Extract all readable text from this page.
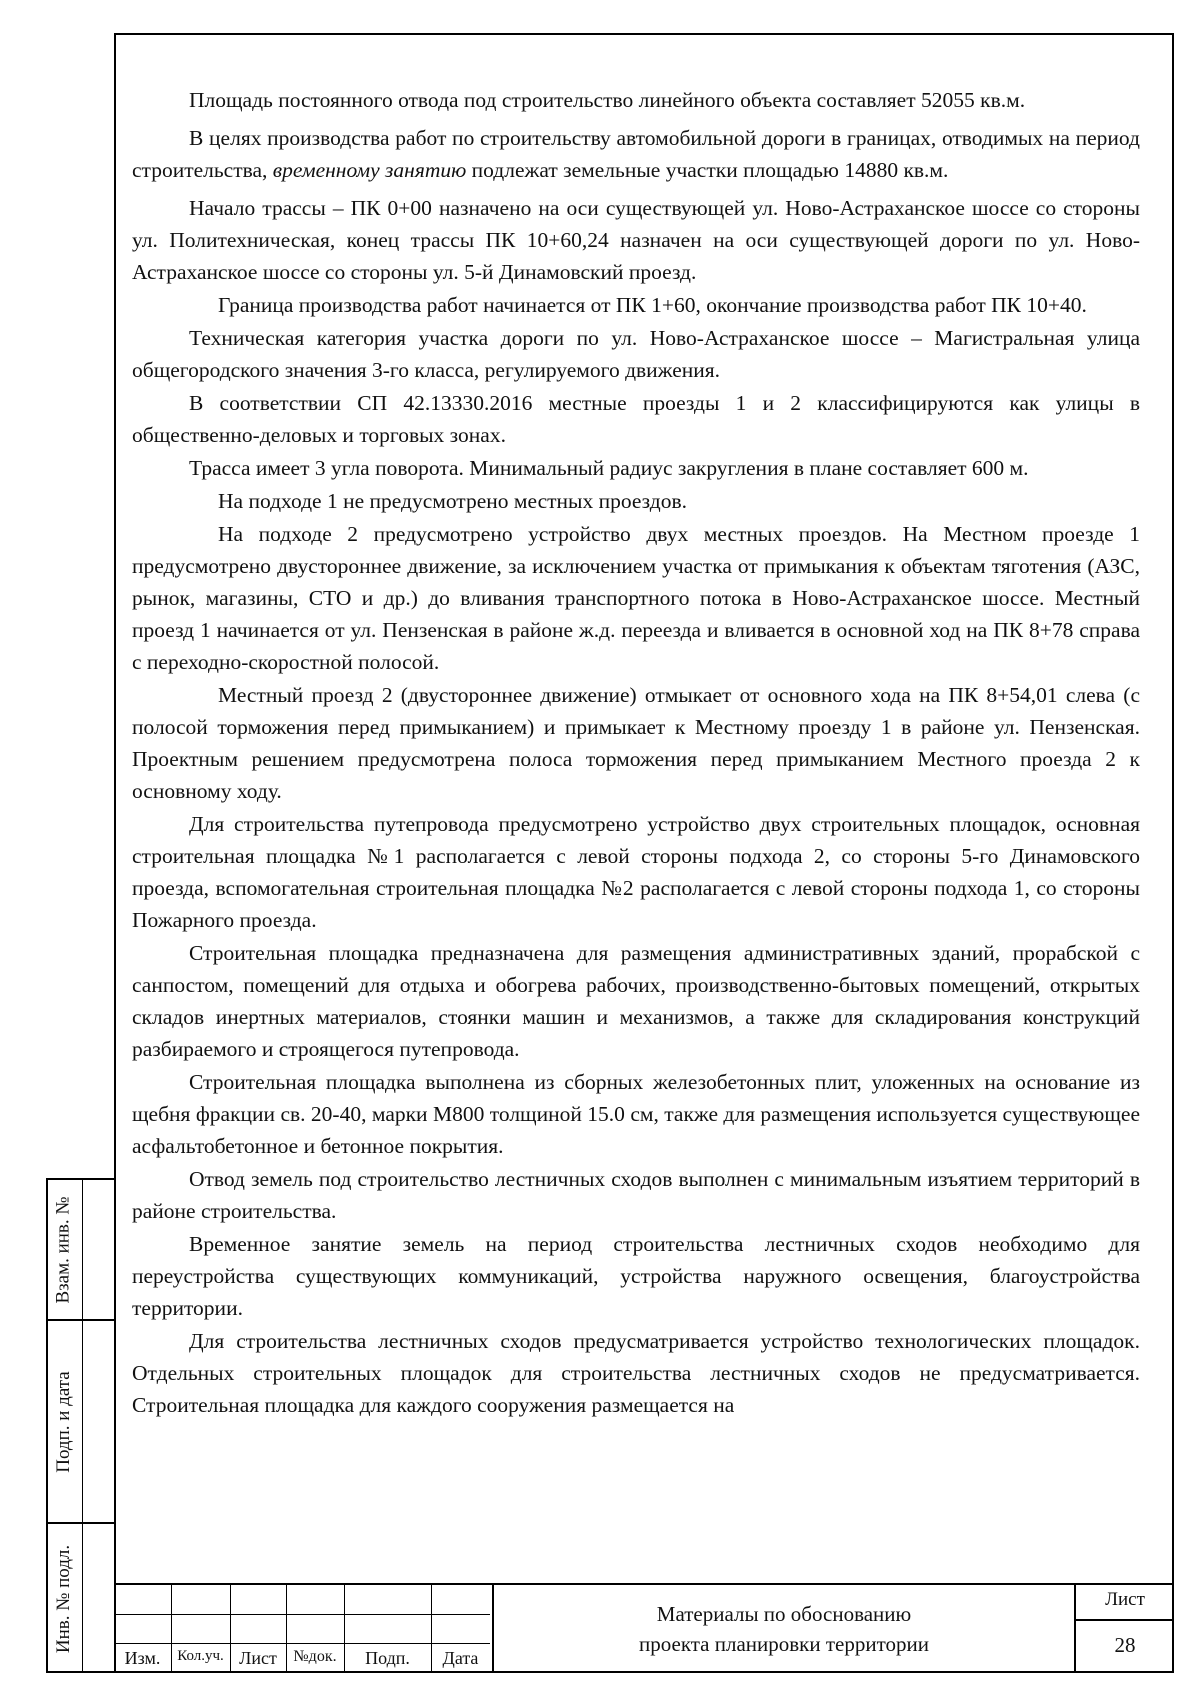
Площадь постоянного отвода под строительство линейного объекта составляет 52055 кв.м.

В целях производства работ по строительству автомобильной дороги в границах, отводимых на период строительства, временному занятию подлежат земельные участки площадью 14880 кв.м.

Начало трассы – ПК 0+00 назначено на оси существующей ул. Ново-Астраханское шоссе со стороны ул. Политехническая, конец трассы ПК 10+60,24 назначен на оси существующей дороги по ул. Ново-Астраханское шоссе со стороны ул. 5-й Динамовский проезд.

Граница производства работ начинается от ПК 1+60, окончание производства работ ПК 10+40.

Техническая категория участка дороги по ул. Ново-Астраханское шоссе – Магистральная улица общегородского значения 3-го класса, регулируемого движения.

В соответствии СП 42.13330.2016 местные проезды 1 и 2 классифицируются как улицы в общественно-деловых и торговых зонах.

Трасса имеет 3 угла поворота. Минимальный радиус закругления в плане составляет 600 м.

На подходе 1 не предусмотрено местных проездов.

На подходе 2 предусмотрено устройство двух местных проездов. На Местном проезде 1 предусмотрено двустороннее движение, за исключением участка от примыкания к объектам тяготения (АЗС, рынок, магазины, СТО и др.) до вливания транспортного потока в Ново-Астраханское шоссе. Местный проезд 1 начинается от ул. Пензенская в районе ж.д. переезда и вливается в основной ход на ПК 8+78 справа с переходно-скоростной полосой.

Местный проезд 2 (двустороннее движение) отмыкает от основного хода на ПК 8+54,01 слева (с полосой торможения перед примыканием) и примыкает к Местному проезду 1 в районе ул. Пензенская. Проектным решением предусмотрена полоса торможения перед примыканием Местного проезда 2 к основному ходу.

Для строительства путепровода предусмотрено устройство двух строительных площадок, основная строительная площадка №1 располагается с левой стороны подхода 2, со стороны 5-го Динамовского проезда, вспомогательная строительная площадка №2 располагается с левой стороны подхода 1, со стороны Пожарного проезда.

Строительная площадка предназначена для размещения административных зданий, прорабской с санпостом, помещений для отдыха и обогрева рабочих, производственно-бытовых помещений, открытых складов инертных материалов, стоянки машин и механизмов, а также для складирования конструкций разбираемого и строящегося путепровода.

Строительная площадка выполнена из сборных железобетонных плит, уложенных на основание из щебня фракции св. 20-40, марки М800 толщиной 15.0 см, также для размещения используется существующее асфальтобетонное и бетонное покрытия.

Отвод земель под строительство лестничных сходов выполнен с минимальным изъятием территорий в районе строительства.

Временное занятие земель на период строительства лестничных сходов необходимо для переустройства существующих коммуникаций, устройства наружного освещения, благоустройства территории.

Для строительства лестничных сходов предусматривается устройство технологических площадок. Отдельных строительных площадок для строительства лестничных сходов не предусматривается. Строительная площадка для каждого сооружения размещается на

Взам. инв. №
Подп. и дата
Инв. № подл.
Изм.	Кол.уч. Лист	№док.	Подп.	Дата
Материалы по обоснованию
проекта планировки территории
Лист
28
